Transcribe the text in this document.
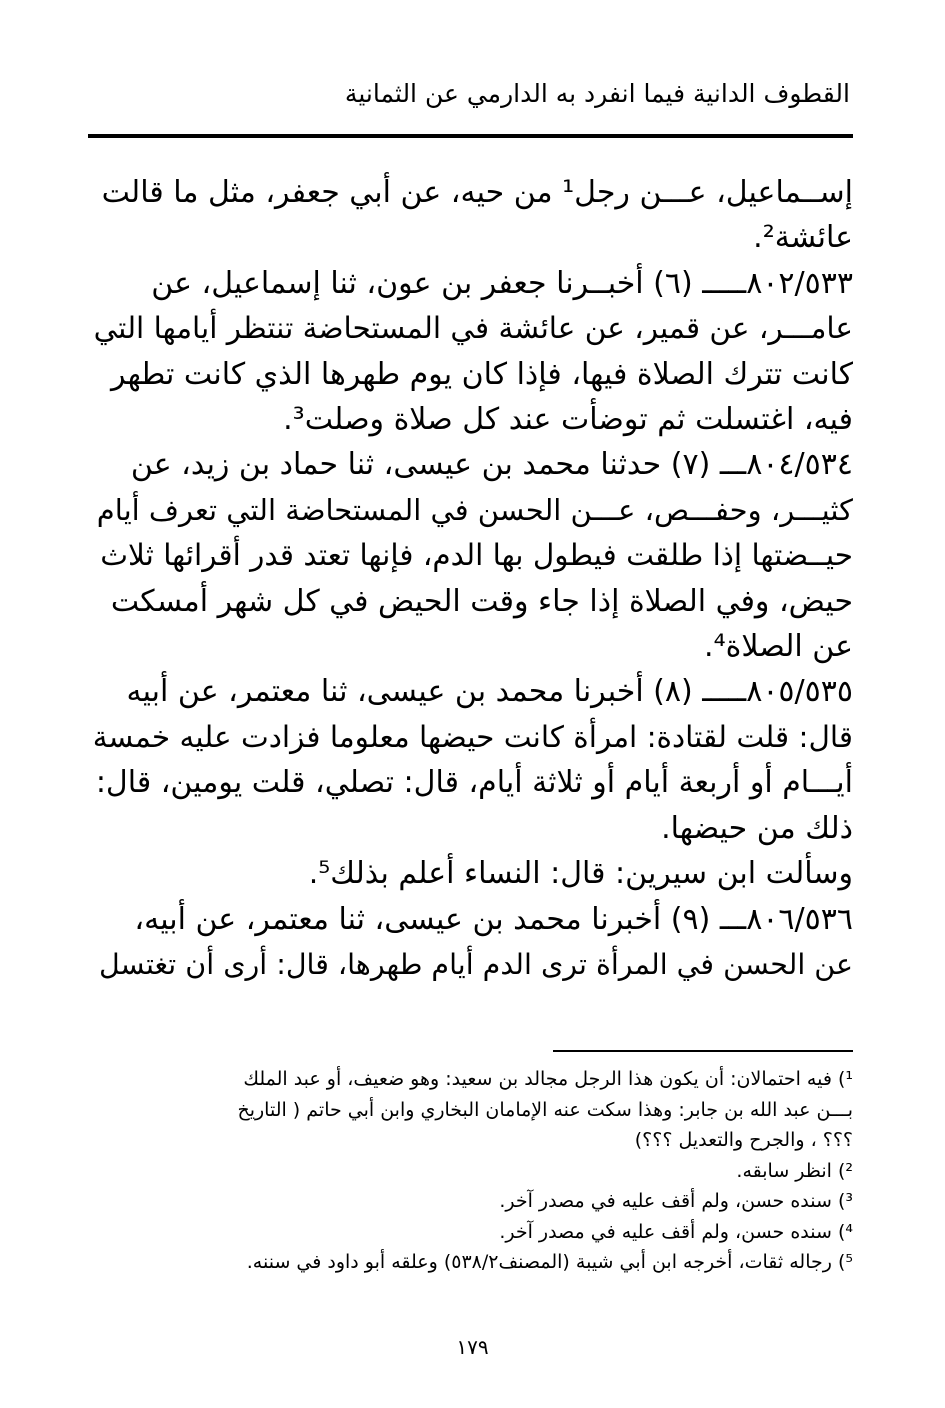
القطوف الدانية فيما انفرد به الدارمي عن الثمانية
إســماعيل، عـــن رجل¹ من حيه، عن أبي جعفر، مثل ما قالت
عائشة².
٨٠٢/٥٣٣ـــــ (٦) أخبــرنا جعفر بن عون، ثنا إسماعيل، عن
عامـــر، عن قمير، عن عائشة في المستحاضة تنتظر أيامها التي
كانت تترك الصلاة فيها، فإذا كان يوم طهرها الذي كانت تطهر
فيه، اغتسلت ثم توضأت عند كل صلاة وصلت³.
٨٠٤/٥٣٤ـــ (٧) حدثنا محمد بن عيسى، ثنا حماد بن زيد، عن
كثيـــر، وحفـــص، عـــن الحسن في المستحاضة التي تعرف أيام
حيــضتها إذا طلقت فيطول بها الدم، فإنها تعتد قدر أقرائها ثلاث
حيض، وفي الصلاة إذا جاء وقت الحيض في كل شهر أمسكت
عن الصلاة⁴.
٨٠٥/٥٣٥ـــــ (٨) أخبرنا محمد بن عيسى، ثنا معتمر، عن أبيه
قال: قلت لقتادة: امرأة كانت حيضها معلوما فزادت عليه خمسة
أيـــام أو أربعة أيام أو ثلاثة أيام، قال: تصلي، قلت يومين، قال:
ذلك من حيضها.
وسألت ابن سيرين: قال: النساء أعلم بذلك⁵.
٨٠٦/٥٣٦ـــ (٩) أخبرنا محمد بن عيسى، ثنا معتمر، عن أبيه،
عن الحسن في المرأة ترى الدم أيام طهرها، قال: أرى أن تغتسل
¹) فيه احتمالان: أن يكون هذا الرجل مجالد بن سعيد: وهو ضعيف، أو عبد الملك
بـــن عبد الله بن جابر: وهذا سكت عنه الإمامان البخاري وابن أبي حاتم ( التاريخ
؟؟؟ ، والجرح والتعديل ؟؟؟)
²) انظر سابقه.
³) سنده حسن، ولم أقف عليه في مصدر آخر.
⁴) سنده حسن، ولم أقف عليه في مصدر آخر.
⁵) رجاله ثقات، أخرجه ابن أبي شيبة (المصنف٥٣٨/٢) وعلقه أبو داود في سننه.
١٧٩
